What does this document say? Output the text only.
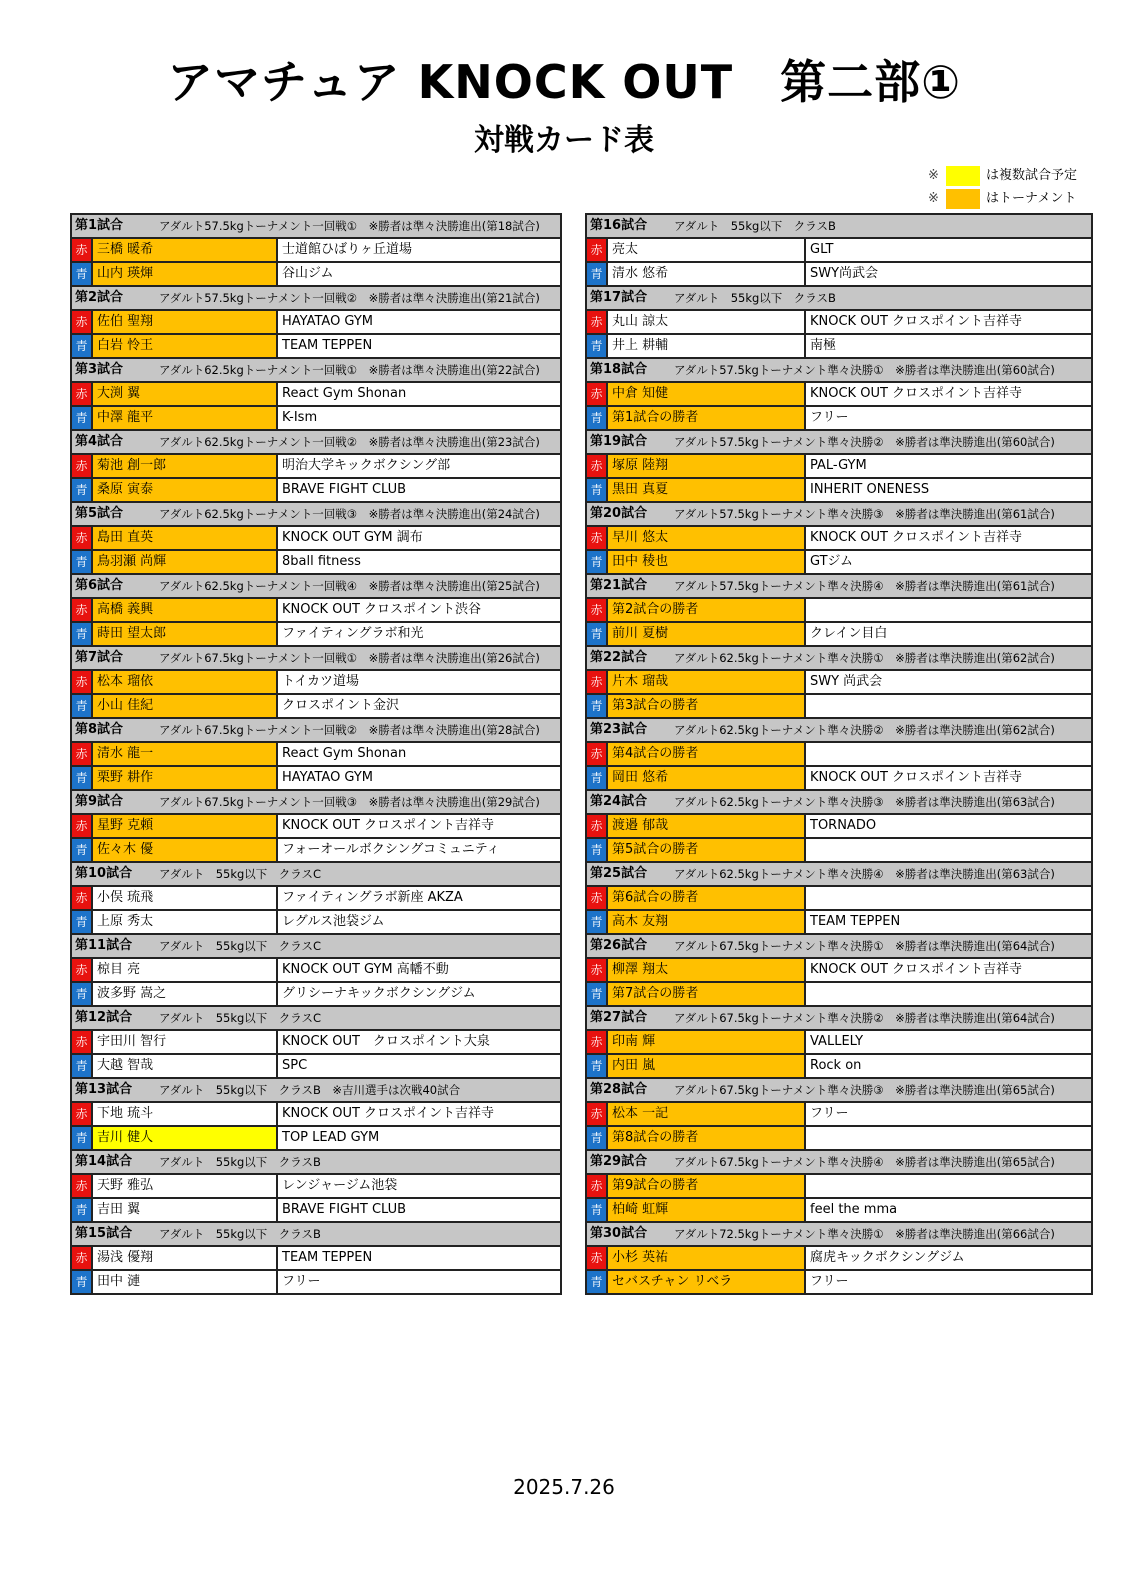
アマチュア KNOCK OUT　第二部①
対戦カード表
※	は複数試合予定
※	はトーナメント
第1試合	アダルト57.5kgトーナメント一回戦①　※勝者は準々決勝進出(第18試合)
赤 三橋 暖希	士道館ひばりヶ丘道場
青 山内 瑛煇	谷山ジム
第2試合	アダルト57.5kgトーナメント一回戦②　※勝者は準々決勝進出(第21試合)
赤 佐伯 聖翔	HAYATAO GYM
青 白岩 怜王	TEAM TEPPEN
第3試合	アダルト62.5kgトーナメント一回戦①　※勝者は準々決勝進出(第22試合)
赤 大渕 翼	React Gym Shonan
青 中澤 龍平	K-Ism
第4試合	アダルト62.5kgトーナメント一回戦②　※勝者は準々決勝進出(第23試合)
赤 菊池 創一郎	明治大学キックボクシング部
青 桑原 寅泰	BRAVE FIGHT CLUB
第5試合	アダルト62.5kgトーナメント一回戦③　※勝者は準々決勝進出(第24試合)
赤 島田 直英	KNOCK OUT GYM 調布
青 鳥羽瀬 尚輝	8ball fitness
第6試合	アダルト62.5kgトーナメント一回戦④　※勝者は準々決勝進出(第25試合)
赤 高橋 義興	KNOCK OUT クロスポイント渋谷
青 蒔田 望太郎	ファイティングラボ和光
第7試合	アダルト67.5kgトーナメント一回戦①　※勝者は準々決勝進出(第26試合)
赤 松本 瑠依	トイカツ道場
青 小山 佳紀	クロスポイント金沢
第8試合	アダルト67.5kgトーナメント一回戦②　※勝者は準々決勝進出(第28試合)
赤 清水 龍一	React Gym Shonan
青 栗野 耕作	HAYATAO GYM
第9試合	アダルト67.5kgトーナメント一回戦③　※勝者は準々決勝進出(第29試合)
赤 星野 克頼	KNOCK OUT クロスポイント吉祥寺
青 佐々木 優	フォーオールボクシングコミュニティ
第10試合	アダルト　55kg以下　クラスC
赤 小俣 琉飛	ファイティングラボ新座 AKZA
青 上原 秀太	レグルス池袋ジム
第11試合	アダルト　55kg以下　クラスC
赤 椋目 亮	KNOCK OUT GYM 高幡不動
青 波多野 嵩之	グリシーナキックボクシングジム
第12試合	アダルト　55kg以下　クラスC
赤 宇田川 智行	KNOCK OUT　クロスポイント大泉
青 大越 智哉	SPC
第13試合	アダルト　55kg以下　クラスB　※吉川選手は次戦40試合
赤 下地 琉斗	KNOCK OUT クロスポイント吉祥寺
青 吉川 健人	TOP LEAD GYM
第14試合	アダルト　55kg以下　クラスB
赤 天野 雅弘	レンジャージム池袋
青 吉田 翼	BRAVE FIGHT CLUB
第15試合	アダルト　55kg以下　クラスB
赤 湯浅 優翔	TEAM TEPPEN
青 田中 漣	フリー
第16試合	アダルト　55kg以下　クラスB
赤 亮太	GLT
青 清水 悠希	SWY尚武会
第17試合	アダルト　55kg以下　クラスB
赤 丸山 諒太	KNOCK OUT クロスポイント吉祥寺
青 井上 耕輔	南極
第18試合	アダルト57.5kgトーナメント準々決勝①　※勝者は準決勝進出(第60試合)
赤 中倉 知健	KNOCK OUT クロスポイント吉祥寺
青 第1試合の勝者	フリー
第19試合	アダルト57.5kgトーナメント準々決勝②　※勝者は準決勝進出(第60試合)
赤 塚原 陸翔	PAL-GYM
青 黒田 真夏	INHERIT ONENESS
第20試合	アダルト57.5kgトーナメント準々決勝③　※勝者は準決勝進出(第61試合)
赤 早川 悠太	KNOCK OUT クロスポイント吉祥寺
青 田中 稜也	GTジム
第21試合	アダルト57.5kgトーナメント準々決勝④　※勝者は準決勝進出(第61試合)
赤 第2試合の勝者
青 前川 夏樹	クレイン目白
第22試合	アダルト62.5kgトーナメント準々決勝①　※勝者は準決勝進出(第62試合)
赤 片木 瑠哉	SWY 尚武会
青 第3試合の勝者
第23試合	アダルト62.5kgトーナメント準々決勝②　※勝者は準決勝進出(第62試合)
赤 第4試合の勝者
青 岡田 悠希	KNOCK OUT クロスポイント吉祥寺
第24試合	アダルト62.5kgトーナメント準々決勝③　※勝者は準決勝進出(第63試合)
赤 渡邉 郁哉	TORNADO
青 第5試合の勝者
第25試合	アダルト62.5kgトーナメント準々決勝④　※勝者は準決勝進出(第63試合)
赤 第6試合の勝者
青 高木 友翔	TEAM TEPPEN
第26試合	アダルト67.5kgトーナメント準々決勝①　※勝者は準決勝進出(第64試合)
赤 柳澤 翔太	KNOCK OUT クロスポイント吉祥寺
青 第7試合の勝者
第27試合	アダルト67.5kgトーナメント準々決勝②　※勝者は準決勝進出(第64試合)
赤 印南 輝	VALLELY
青 内田 嵐	Rock on
第28試合	アダルト67.5kgトーナメント準々決勝③　※勝者は準決勝進出(第65試合)
赤 松本 一記	フリー
青 第8試合の勝者
第29試合	アダルト67.5kgトーナメント準々決勝④　※勝者は準決勝進出(第65試合)
赤 第9試合の勝者
青 柏崎 虹輝	feel the mma
第30試合	アダルト72.5kgトーナメント準々決勝①　※勝者は準決勝進出(第66試合)
赤 小杉 英祐	腐虎キックボクシングジム
青 セバスチャン リベラ	フリー
2025.7.26
